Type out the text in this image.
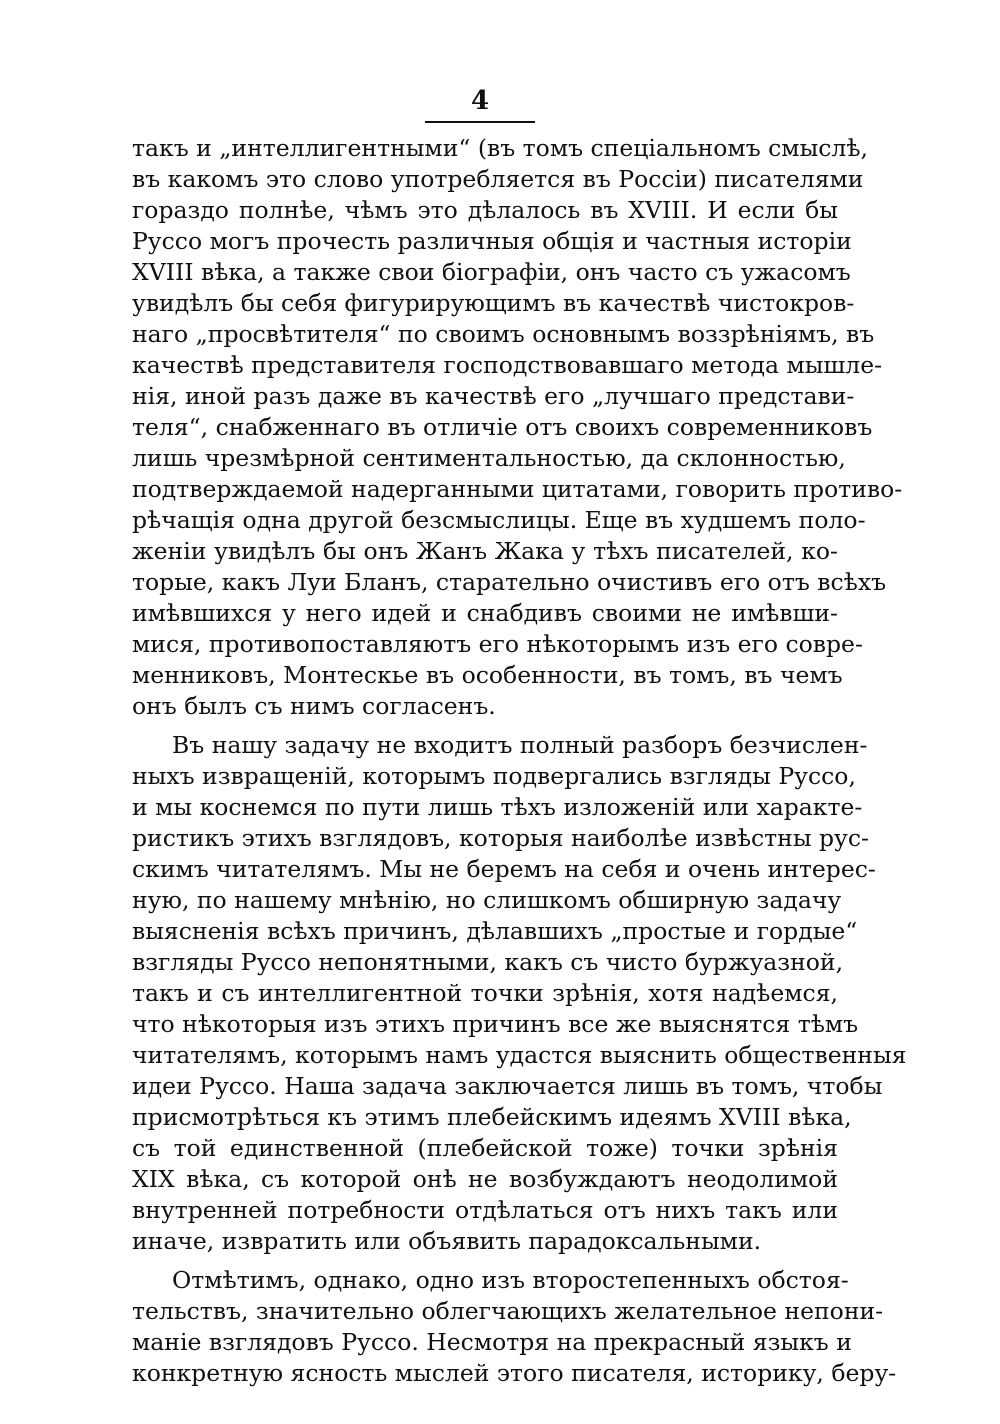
4
такъ и „интеллигентными“ (въ томъ спеціальномъ смыслѣ,
въ какомъ это слово употребляется въ Россіи) писателями
гораздо полнѣе, чѣмъ это дѣлалось въ XVIII. И если бы
Руссо могъ прочесть различныя общія и частныя исторіи
XVIII вѣка, а также свои біографіи, онъ часто съ ужасомъ
увидѣлъ бы себя фигурирующимъ въ качествѣ чистокров-
наго „просвѣтителя“ по своимъ основнымъ воззрѣніямъ, въ
качествѣ представителя господствовавшаго метода мышле-
нія, иной разъ даже въ качествѣ его „лучшаго представи-
теля“, снабженнаго въ отличіе отъ своихъ современниковъ
лишь чрезмѣрной сентиментальностью, да склонностью,
подтверждаемой надерганными цитатами, говорить противо-
рѣчащія одна другой безсмыслицы. Еще въ худшемъ поло-
женіи увидѣлъ бы онъ Жанъ Жака у тѣхъ писателей, ко-
торые, какъ Луи Бланъ, старательно очистивъ его отъ всѣхъ
имѣвшихся у него идей и снабдивъ своими не имѣвши-
мися, противопоставляютъ его нѣкоторымъ изъ его совре-
менниковъ, Монтескье въ особенности, въ томъ, въ чемъ
онъ былъ съ нимъ согласенъ.
Въ нашу задачу не входитъ полный разборъ безчислен-
ныхъ извращеній, которымъ подвергались взгляды Руссо,
и мы коснемся по пути лишь тѣхъ изложеній или характе-
ристикъ этихъ взглядовъ, которыя наиболѣе извѣстны рус-
скимъ читателямъ. Мы не беремъ на себя и очень интерес-
ную, по нашему мнѣнію, но слишкомъ обширную задачу
выясненія всѣхъ причинъ, дѣлавшихъ „простые и гордые“
взгляды Руссо непонятными, какъ съ чисто буржуазной,
такъ и съ интеллигентной точки зрѣнія, хотя надѣемся,
что нѣкоторыя изъ этихъ причинъ все же выяснятся тѣмъ
читателямъ, которымъ намъ удастся выяснить общественныя
идеи Руссо. Наша задача заключается лишь въ томъ, чтобы
присмотрѣться къ этимъ плебейскимъ идеямъ XVIII вѣка,
съ той единственной (плебейской тоже) точки зрѣнія
XIX вѣка, съ которой онѣ не возбуждаютъ неодолимой
внутренней потребности отдѣлаться отъ нихъ такъ или
иначе, извратить или объявить парадоксальными.
Отмѣтимъ, однако, одно изъ второстепенныхъ обстоя-
тельствъ, значительно облегчающихъ желательное непони-
маніе взглядовъ Руссо. Несмотря на прекрасный языкъ и
конкретную ясность мыслей этого писателя, историку, беру-
